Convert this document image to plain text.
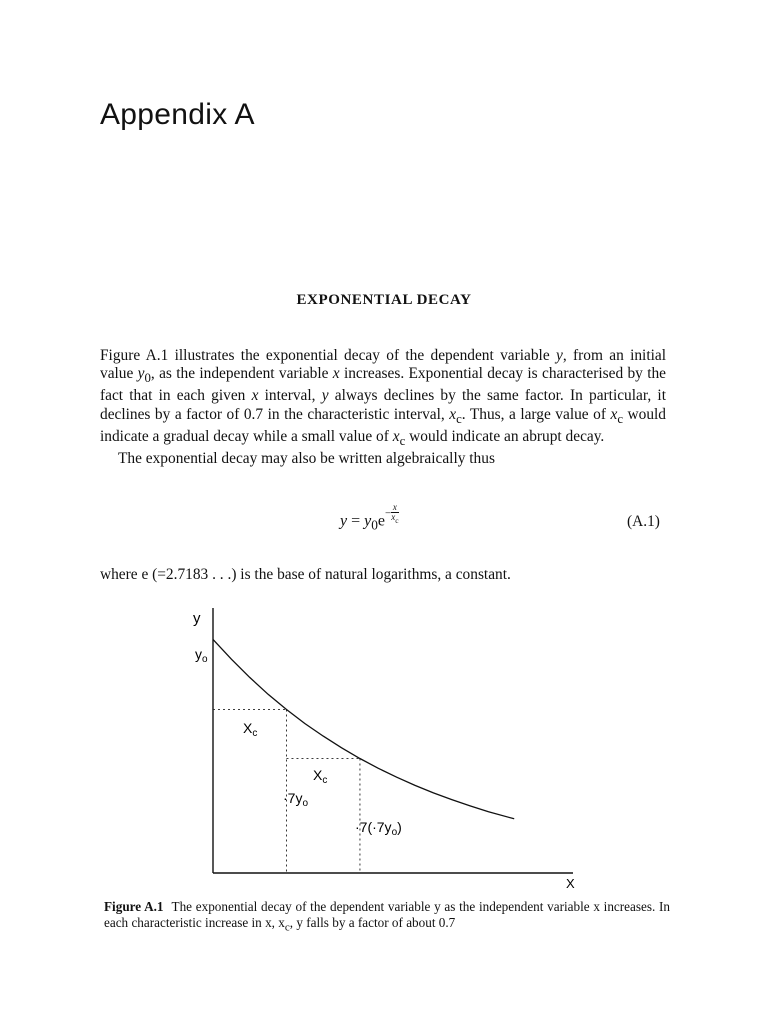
Appendix A
EXPONENTIAL DECAY

Figure A.1 illustrates the exponential decay of the dependent variable y, from an initial value $y_0$, as the independent variable x increases. Exponential decay is characterised by the fact that in each given x interval, y always declines by the same factor. In particular, it declines by a factor of 0.7 in the characteristic interval, $x_c$. Thus, a large value of $x_c$ would indicate a gradual decay while a small value of $x_c$ would indicate an abrupt decay.

The exponential decay may also be written algebraically thus

$y = y_0e- \frac{x}{x_c}$	(A.1)
where e (=2.7183 . . .) is the base of natural logarithms, a constant.
y
X
$y_o$
$X_c$
$X_c$
$\cdot 7y_o$
$\cdot 7(\cdot 7y_o)$
Figure A.1 The exponential decay of the dependent variable y as the independent variable x increases. In each characteristic increase in x, $x_c$, y falls by a factor of about 0.7
